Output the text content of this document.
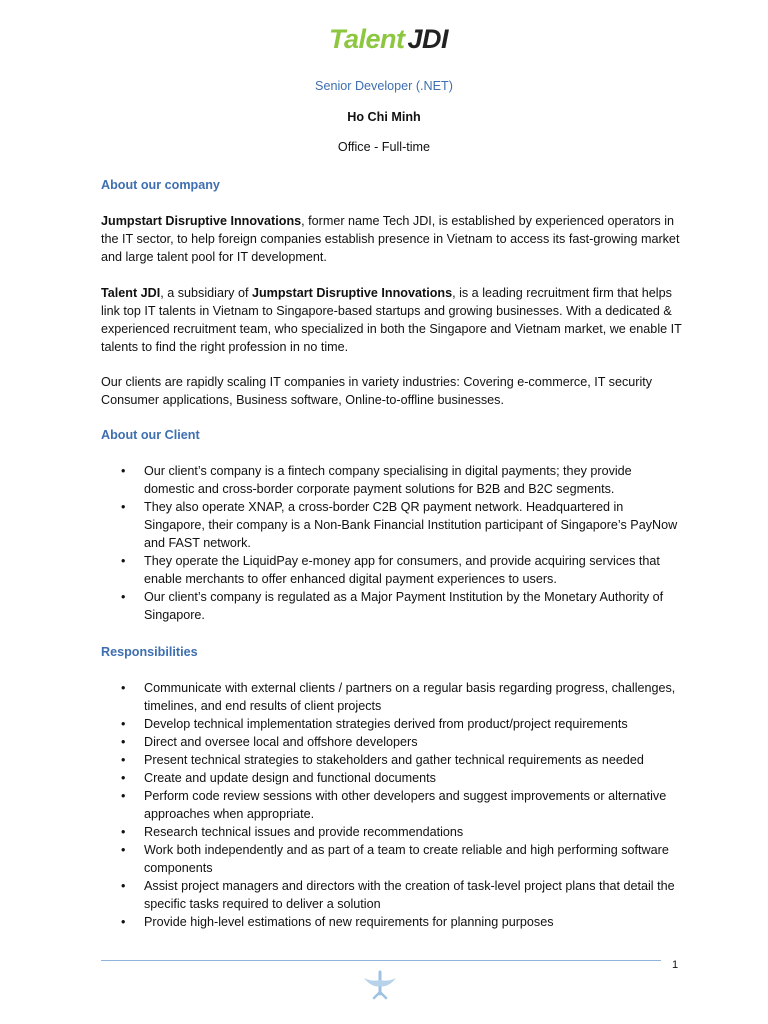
Talent JDI
Senior Developer (.NET)
Ho Chi Minh
Office - Full-time
About our company

Jumpstart Disruptive Innovations, former name Tech JDI, is established by experienced operators in the IT sector, to help foreign companies establish presence in Vietnam to access its fast-growing market and large talent pool for IT development.

Talent JDI, a subsidiary of Jumpstart Disruptive Innovations, is a leading recruitment firm that helps link top IT talents in Vietnam to Singapore-based startups and growing businesses. With a dedicated & experienced recruitment team, who specialized in both the Singapore and Vietnam market, we enable IT talents to find the right profession in no time.

Our clients are rapidly scaling IT companies in variety industries: Covering e-commerce, IT security Consumer applications, Business software, Online-to-offline businesses.

About our Client
• Our client’s company is a fintech company specialising in digital payments; they provide domestic and cross-border corporate payment solutions for B2B and B2C segments.
• They also operate XNAP, a cross-border C2B QR payment network. Headquartered in Singapore, their company is a Non-Bank Financial Institution participant of Singapore’s PayNow and FAST network.
• They operate the LiquidPay e-money app for consumers, and provide acquiring services that enable merchants to offer enhanced digital payment experiences to users.
• Our client’s company is regulated as a Major Payment Institution by the Monetary Authority of Singapore.
Responsibilities
• Communicate with external clients / partners on a regular basis regarding progress, challenges, timelines, and end results of client projects
• Develop technical implementation strategies derived from product/project requirements
• Direct and oversee local and offshore developers
• Present technical strategies to stakeholders and gather technical requirements as needed
• Create and update design and functional documents
• Perform code review sessions with other developers and suggest improvements or alternative approaches when appropriate.
• Research technical issues and provide recommendations
• Work both independently and as part of a team to create reliable and high performing software components
• Assist project managers and directors with the creation of task-level project plans that detail the specific tasks required to deliver a solution
• Provide high-level estimations of new requirements for planning purposes
1
